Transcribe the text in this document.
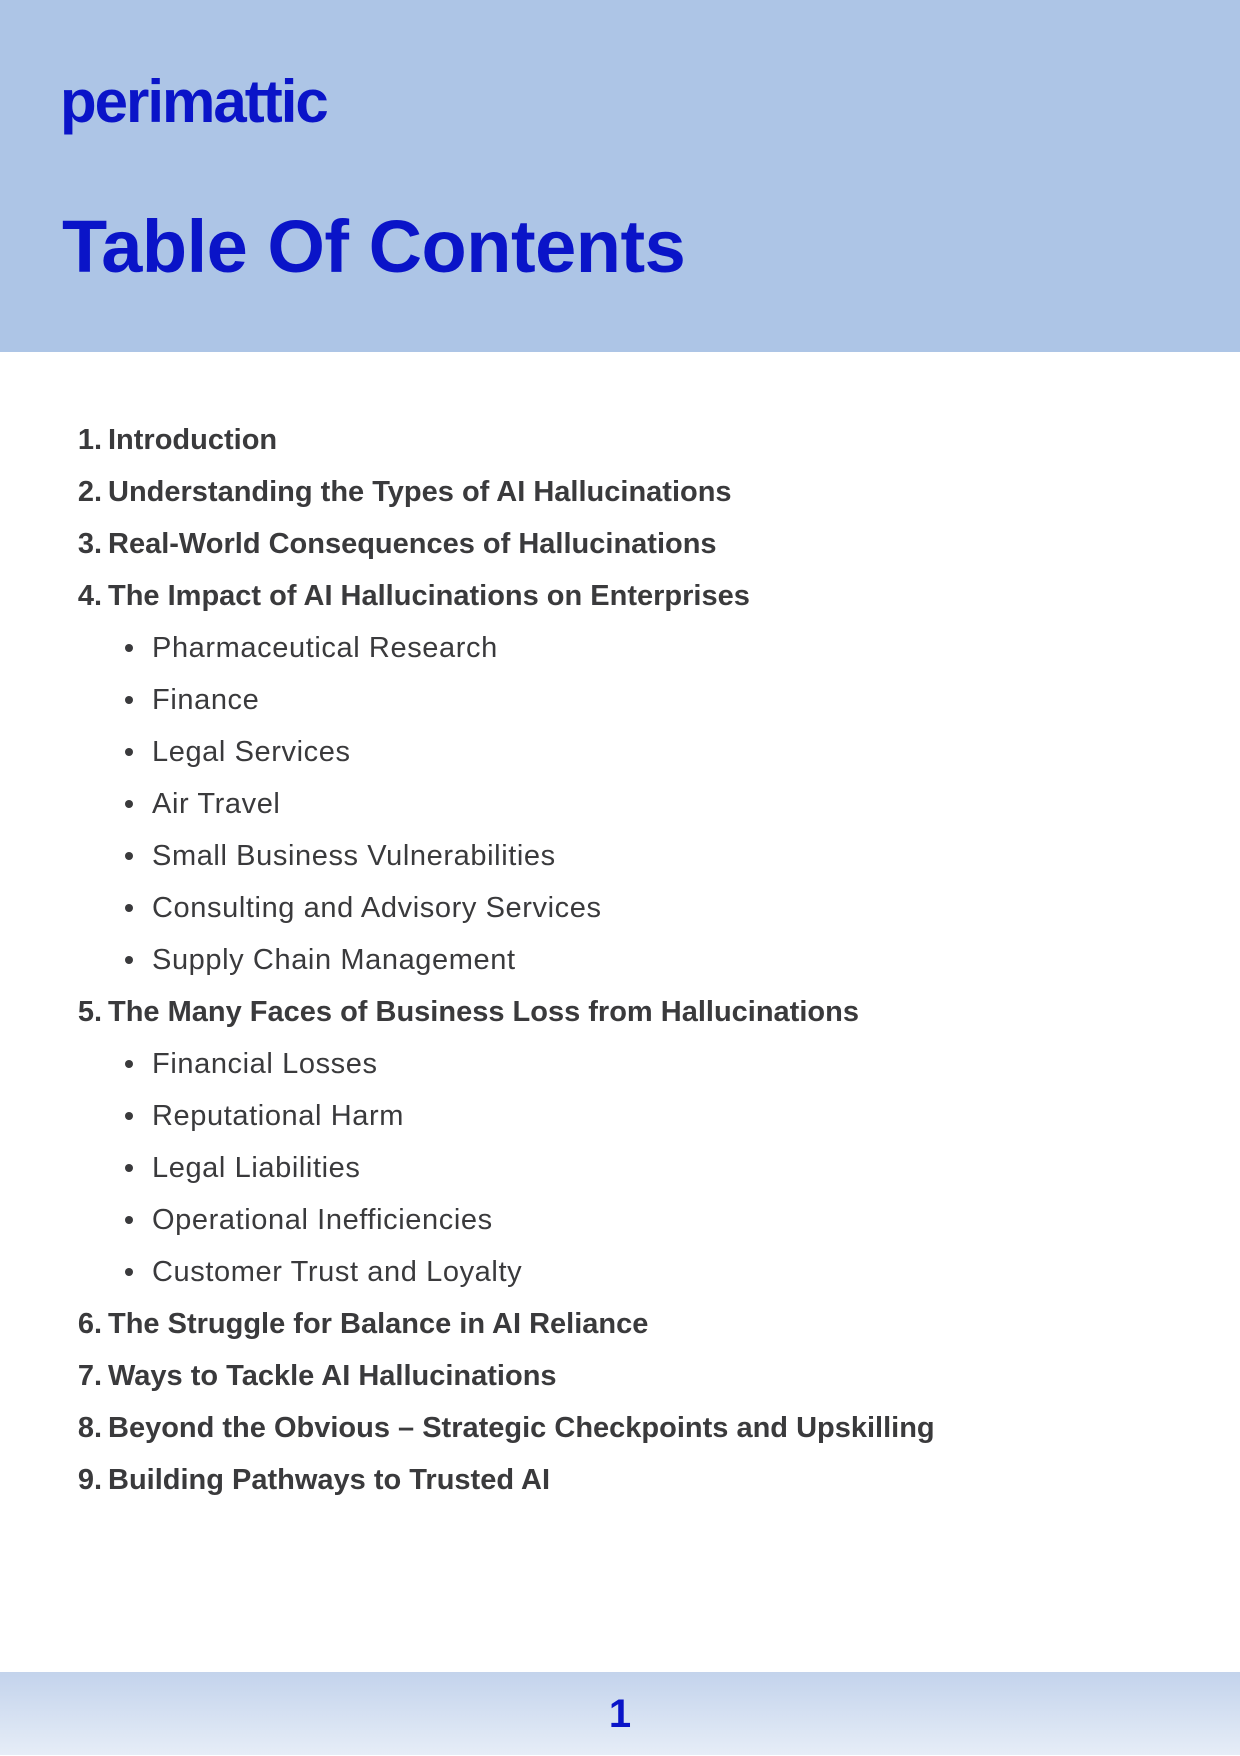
perimattic
Table Of Contents
1. Introduction
2. Understanding the Types of AI Hallucinations
3. Real-World Consequences of Hallucinations
4. The Impact of AI Hallucinations on Enterprises
Pharmaceutical Research
Finance
Legal Services
Air Travel
Small Business Vulnerabilities
Consulting and Advisory Services
Supply Chain Management
5. The Many Faces of Business Loss from Hallucinations
Financial Losses
Reputational Harm
Legal Liabilities
Operational Inefficiencies
Customer Trust and Loyalty
6. The Struggle for Balance in AI Reliance
7. Ways to Tackle AI Hallucinations
8. Beyond the Obvious – Strategic Checkpoints and Upskilling
9. Building Pathways to Trusted AI
1
